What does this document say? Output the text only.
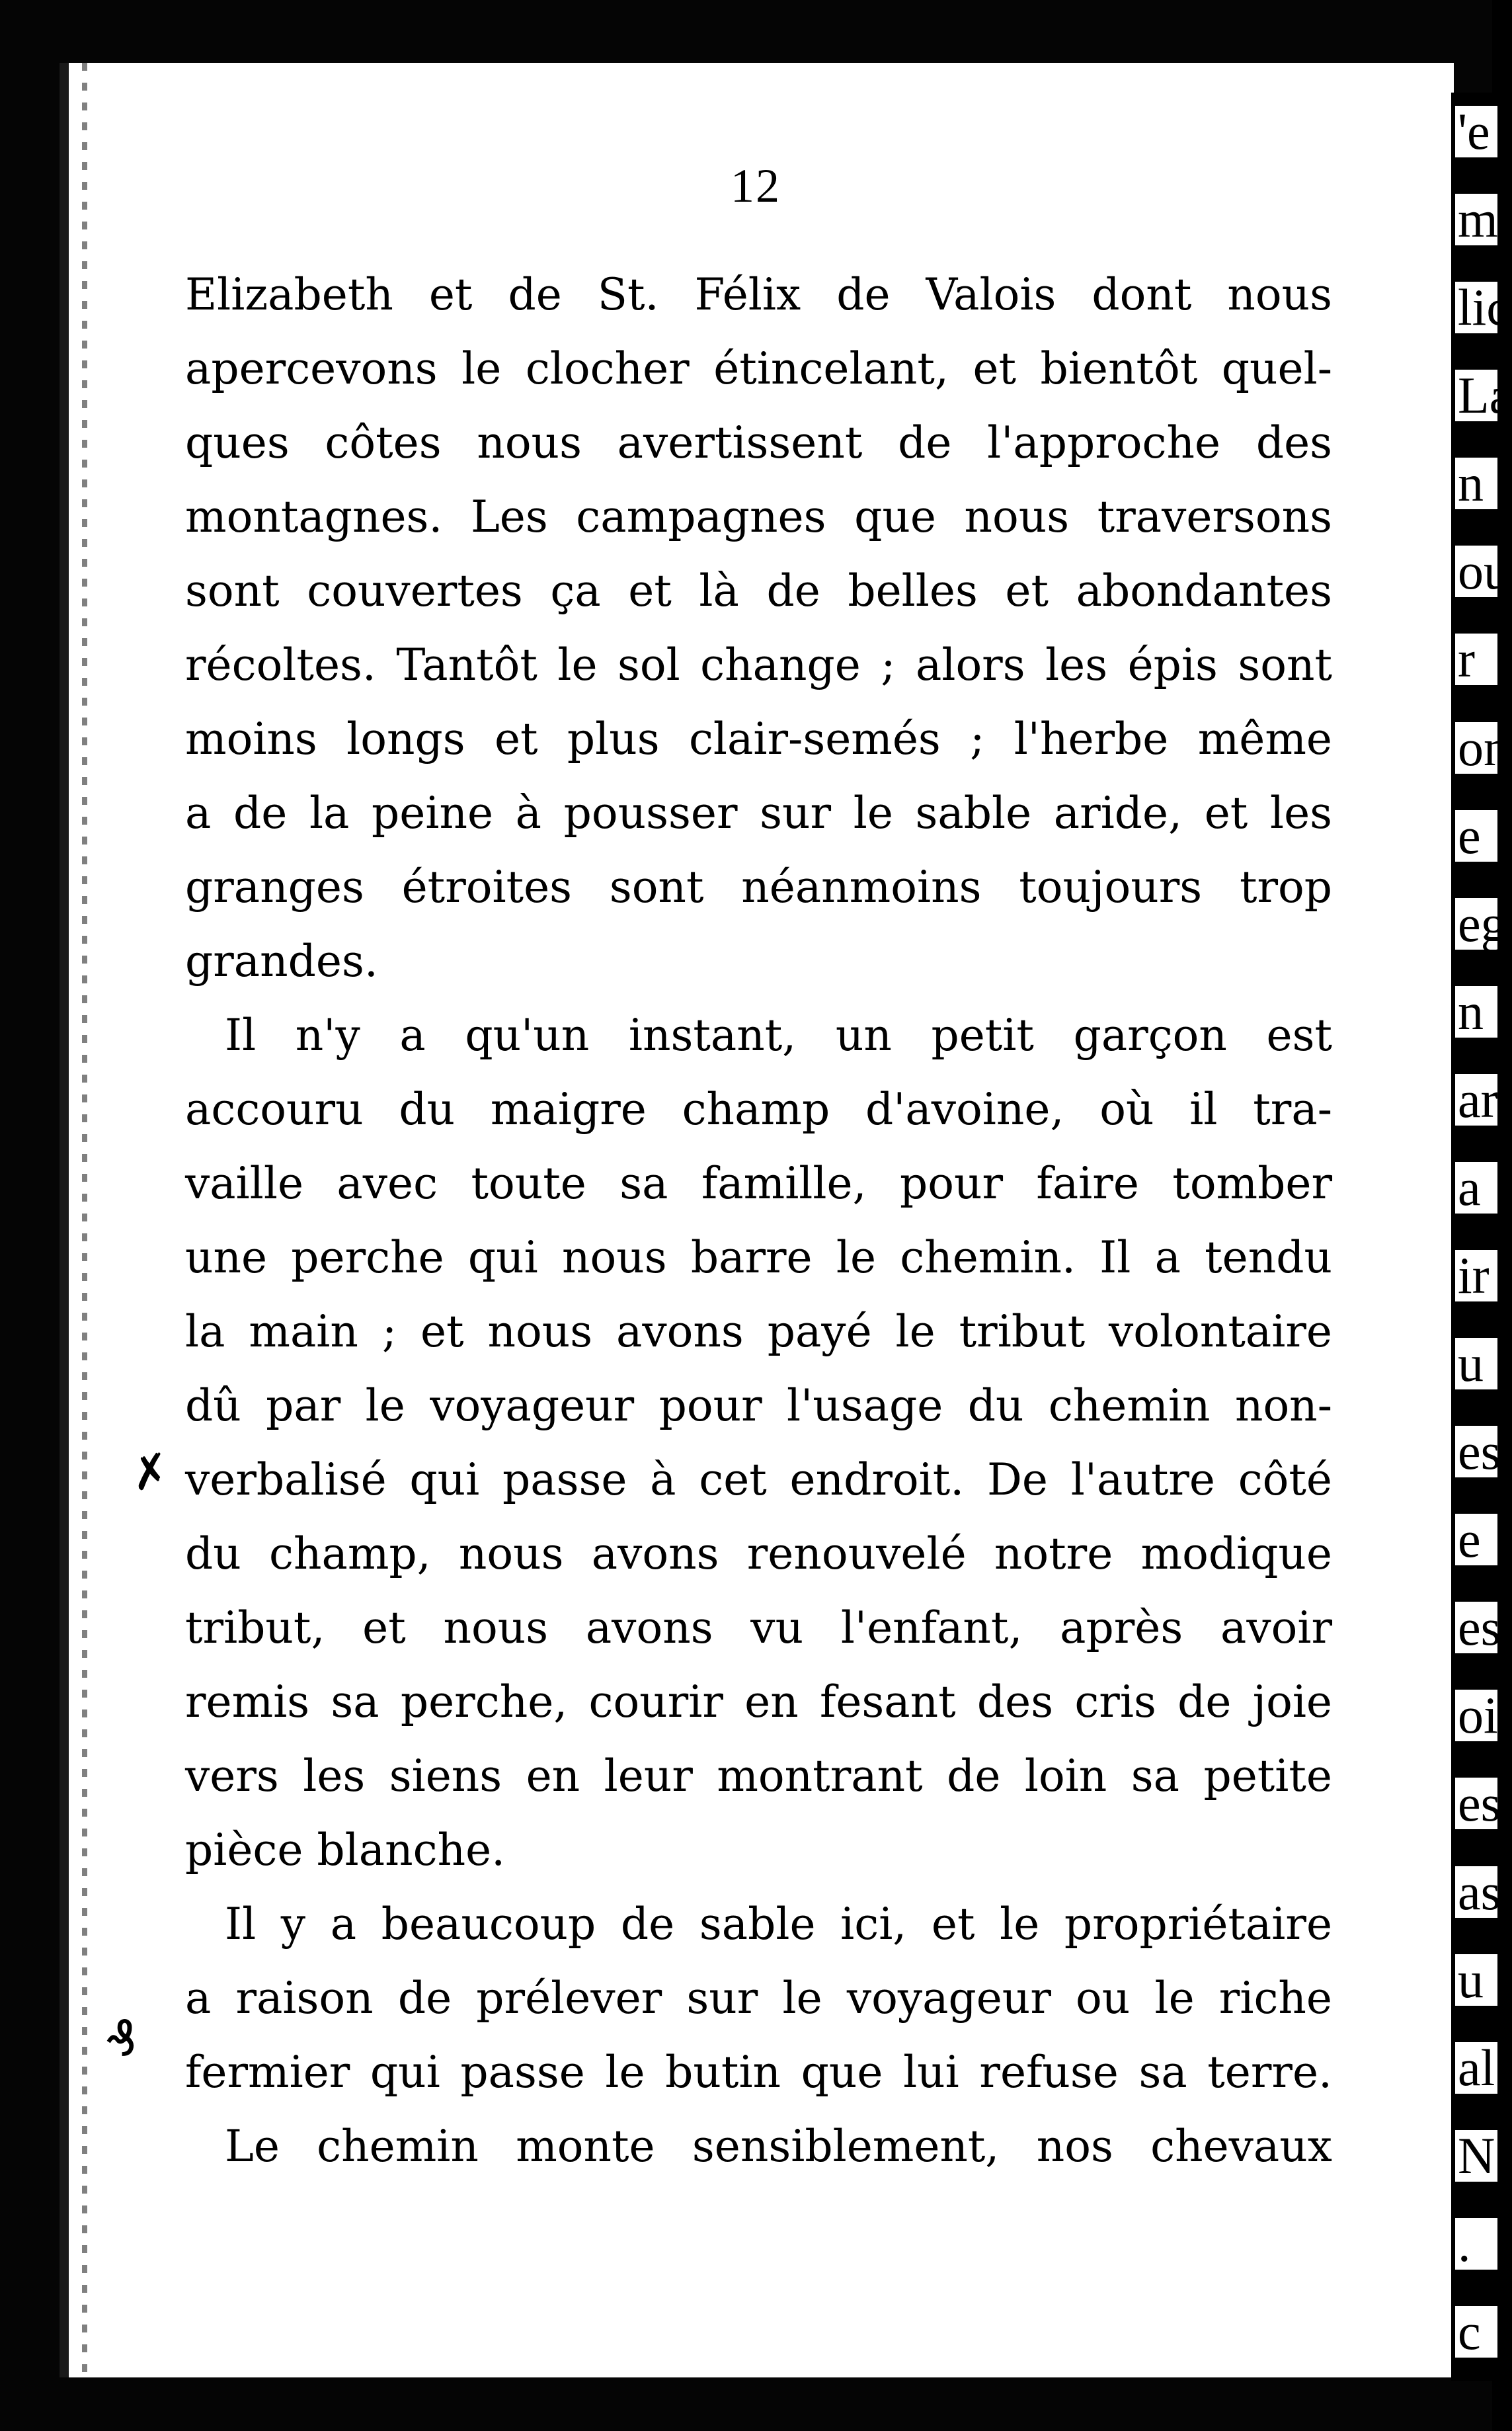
'e
m
lic
La
n
ou
r
on
e
eg
n
ar
a
ir
u
es
e
es
oi
es
as
u
al
N
.
c
12
Elizabeth et de St. Félix de Valois dont nous
apercevons le clocher étincelant, et bientôt quel-
ques côtes nous avertissent de l'approche des
montagnes. Les campagnes que nous traversons
sont couvertes ça et là de belles et abondantes
récoltes. Tantôt le sol change ; alors les épis sont
moins longs et plus clair-semés ; l'herbe même
a de la peine à pousser sur le sable aride, et les
granges étroites sont néanmoins toujours trop
grandes.
Il n'y a qu'un instant, un petit garçon est
accouru du maigre champ d'avoine, où il tra-
vaille avec toute sa famille, pour faire tomber
une perche qui nous barre le chemin. Il a tendu
la main ; et nous avons payé le tribut volontaire
dû par le voyageur pour l'usage du chemin non-
verbalisé qui passe à cet endroit. De l'autre côté
du champ, nous avons renouvelé notre modique
tribut, et nous avons vu l'enfant, après avoir
remis sa perche, courir en fesant des cris de joie
vers les siens en leur montrant de loin sa petite
pièce blanche.
Il y a beaucoup de sable ici, et le propriétaire
a raison de prélever sur le voyageur ou le riche
fermier qui passe le butin que lui refuse sa terre.
Le chemin monte sensiblement, nos chevaux
✗
₰
